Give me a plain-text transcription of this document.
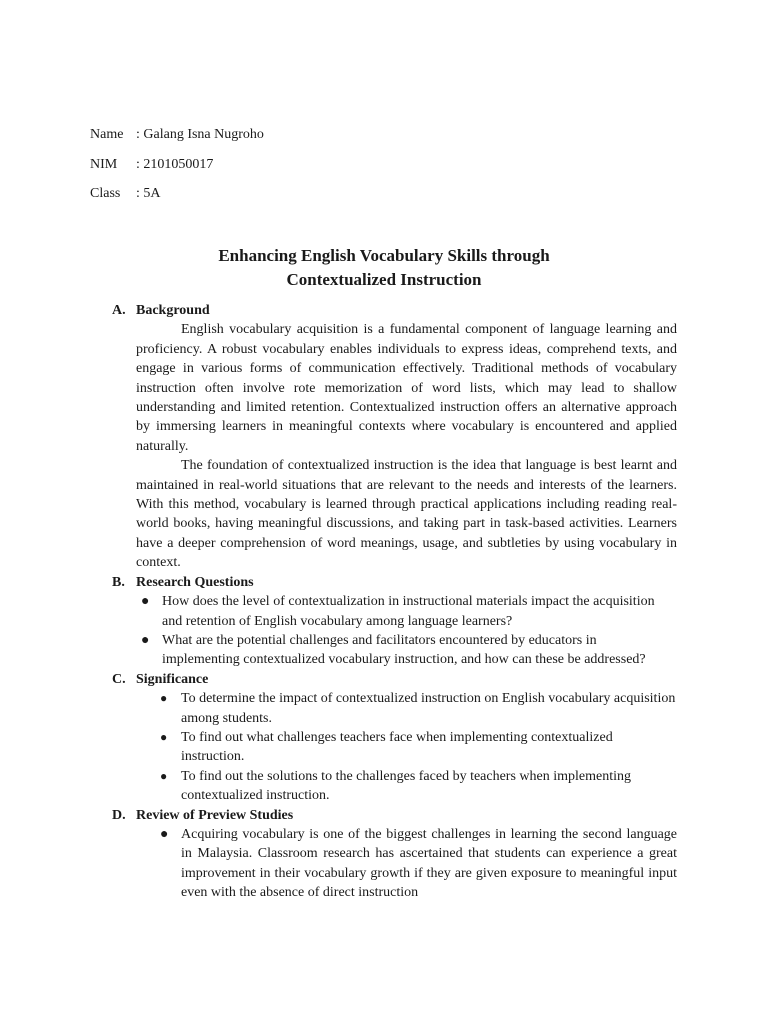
Name : Galang Isna Nugroho
NIM : 2101050017
Class : 5A
Enhancing English Vocabulary Skills through
Contextualized Instruction
A. Background
English vocabulary acquisition is a fundamental component of language learning and proficiency. A robust vocabulary enables individuals to express ideas, comprehend texts, and engage in various forms of communication effectively. Traditional methods of vocabulary instruction often involve rote memorization of word lists, which may lead to shallow understanding and limited retention. Contextualized instruction offers an alternative approach by immersing learners in meaningful contexts where vocabulary is encountered and applied naturally.
The foundation of contextualized instruction is the idea that language is best learnt and maintained in real-world situations that are relevant to the needs and interests of the learners. With this method, vocabulary is learned through practical applications including reading real-world books, having meaningful discussions, and taking part in task-based activities. Learners have a deeper comprehension of word meanings, usage, and subtleties by using vocabulary in context.
B. Research Questions
● How does the level of contextualization in instructional materials impact the acquisition and retention of English vocabulary among language learners?
● What are the potential challenges and facilitators encountered by educators in implementing contextualized vocabulary instruction, and how can these be addressed?
C. Significance
● To determine the impact of contextualized instruction on English vocabulary acquisition among students.
● To find out what challenges teachers face when implementing contextualized instruction.
● To find out the solutions to the challenges faced by teachers when implementing contextualized instruction.
D. Review of Preview Studies
● Acquiring vocabulary is one of the biggest challenges in learning the second language in Malaysia. Classroom research has ascertained that students can experience a great improvement in their vocabulary growth if they are given exposure to meaningful input even with the absence of direct instruction
